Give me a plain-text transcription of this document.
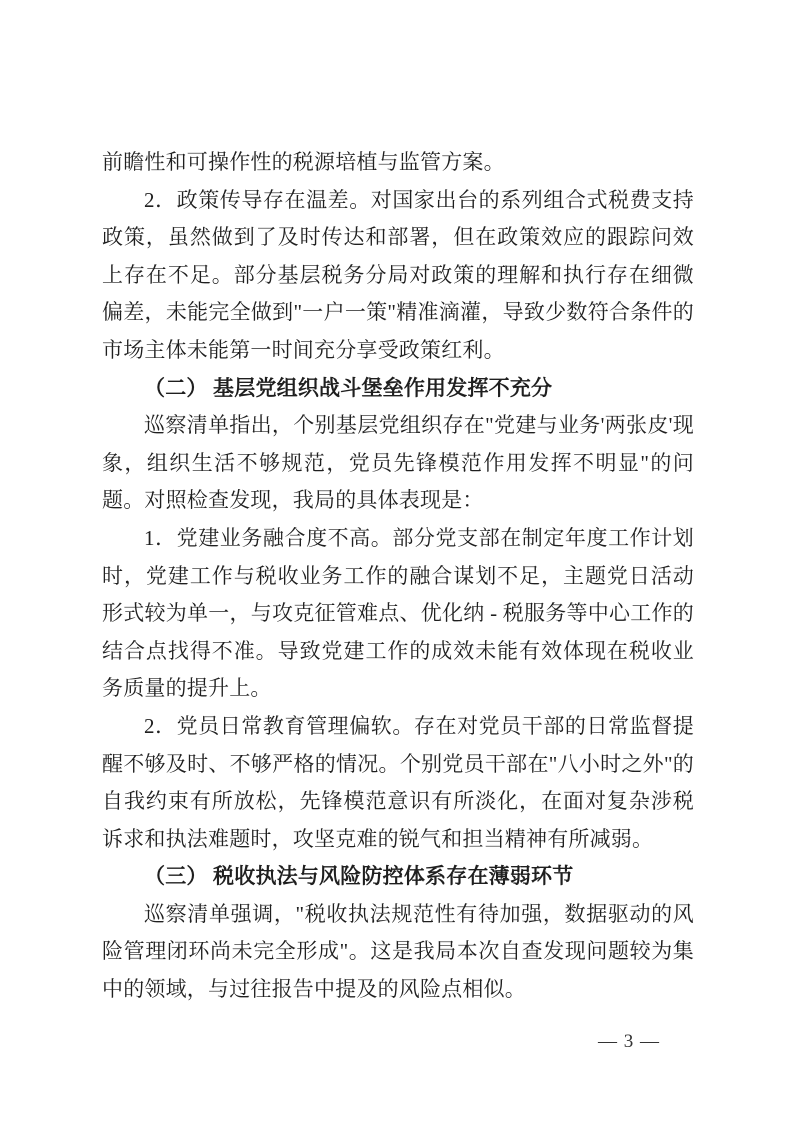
前瞻性和可操作性的税源培植与监管方案。

2．政策传导存在温差。对国家出台的系列组合式税费支持政策，虽然做到了及时传达和部署，但在政策效应的跟踪问效上存在不足。部分基层税务分局对政策的理解和执行存在细微偏差，未能完全做到"一户一策"精准滴灌，导致少数符合条件的市场主体未能第一时间充分享受政策红利。

（二） 基层党组织战斗堡垒作用发挥不充分

巡察清单指出，个别基层党组织存在"党建与业务'两张皮'现象，组织生活不够规范，党员先锋模范作用发挥不明显"的问题。对照检查发现，我局的具体表现是：

1．党建业务融合度不高。部分党支部在制定年度工作计划时，党建工作与税收业务工作的融合谋划不足，主题党日活动形式较为单一，与攻克征管难点、优化纳 - 税服务等中心工作的结合点找得不准。导致党建工作的成效未能有效体现在税收业务质量的提升上。

2．党员日常教育管理偏软。存在对党员干部的日常监督提醒不够及时、不够严格的情况。个别党员干部在"八小时之外"的自我约束有所放松，先锋模范意识有所淡化，在面对复杂涉税诉求和执法难题时，攻坚克难的锐气和担当精神有所减弱。

（三） 税收执法与风险防控体系存在薄弱环节

巡察清单强调，"税收执法规范性有待加强，数据驱动的风险管理闭环尚未完全形成"。这是我局本次自查发现问题较为集中的领域，与过往报告中提及的风险点相似。

— 3 —
